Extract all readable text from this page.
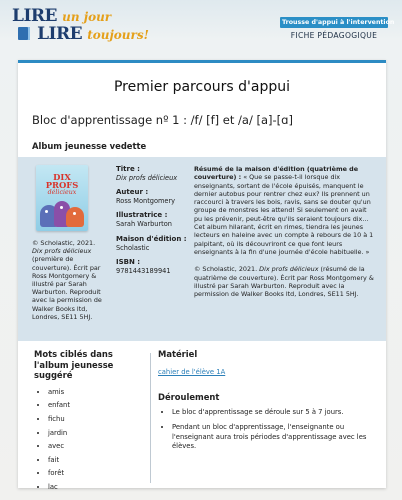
LIRE un jour
LIRE toujours!
Trousse d'appui à l'intervention
FICHE PÉDAGOGIQUE
Premier parcours d'appui
Bloc d'apprentissage nº 1 : /f/ [f] et /a/ [a]-[ɑ]
Album jeunesse vedette
DIX
PROFS
délicieux
© Scholastic, 2021.
Dix profs délicieux
(première de couverture). Écrit par Ross Montgomery & illustré par Sarah Warburton. Reproduit avec la permission de Walker Books ltd, Londres, SE11 5HJ.
Titre :
Dix profs délicieux
Auteur :
Ross Montgomery
Illustratrice :
Sarah Warburton
Maison d'édition :
Scholastic
ISBN :
9781443189941
Résumé de la maison d'édition (quatrième de couverture) : « Que se passe-t-il lorsque dix enseignants, sortant de l'école épuisés, manquent le dernier autobus pour rentrer chez eux? Ils prennent un raccourci à travers les bois, ravis, sans se douter qu'un groupe de monstres les attend! Si seulement on avait pu les prévenir, peut-être qu'ils seraient toujours dix... Cet album hilarant, écrit en rimes, tiendra les jeunes lecteurs en haleine avec un compte à rebours de 10 à 1 palpitant, où ils découvriront ce que font leurs enseignants à la fin d'une journée d'école habituelle. »
© Scholastic, 2021. Dix profs délicieux (résumé de la quatrième de couverture). Écrit par Ross Montgomery & illustré par Sarah Warburton. Reproduit avec la permission de Walker Books ltd, Londres, SE11 5HJ.
Mots ciblés dans l'album jeunesse suggéré
• amis
• enfant
• fichu
• jardin
• avec
• fait
• forêt
• lac
Matériel
cahier de l'élève 1A
Déroulement
• Le bloc d'apprentissage se déroule sur 5 à 7 jours.
• Pendant un bloc d'apprentissage, l'enseignante ou l'enseignant aura trois périodes d'apprentissage avec les élèves.
